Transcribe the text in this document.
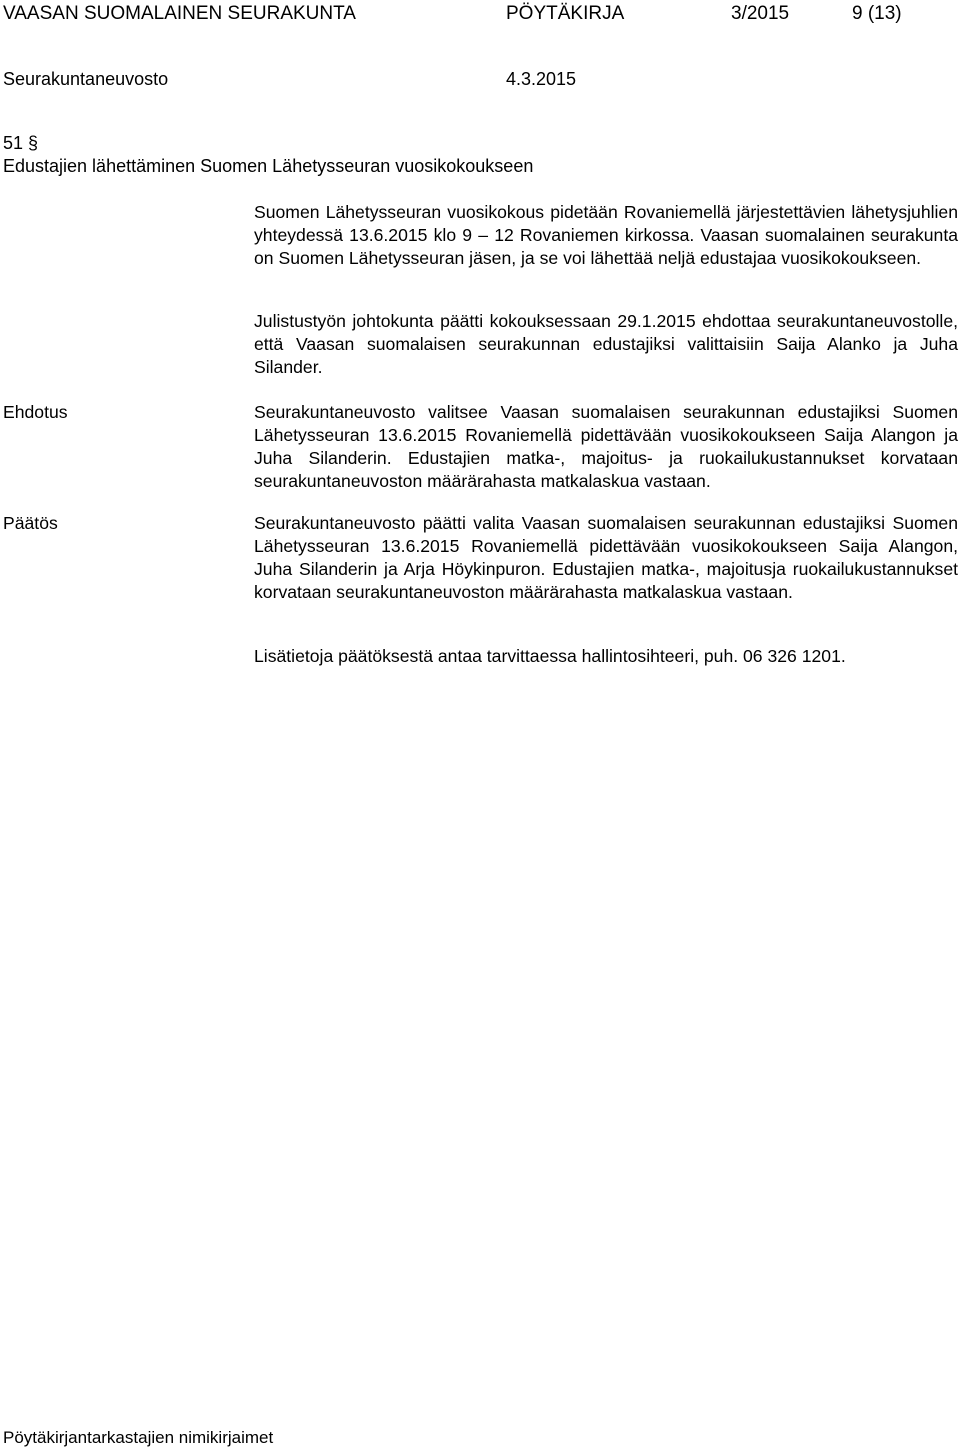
VAASAN SUOMALAINEN SEURAKUNTA	PÖYTÄKIRJA	3/2015	9 (13)
Seurakuntaneuvosto	4.3.2015
51 §
Edustajien lähettäminen Suomen Lähetysseuran vuosikokoukseen
Suomen Lähetysseuran vuosikokous pidetään Rovaniemellä järjestettävien lähetysjuhlien yhteydessä 13.6.2015 klo 9 – 12 Rovaniemen kirkossa. Vaasan suomalainen seurakunta on Suomen Lähetysseuran jäsen, ja se voi lähettää neljä edustajaa vuosikokoukseen.
Julistustyön johtokunta päätti kokouksessaan 29.1.2015 ehdottaa seurakuntaneuvostolle, että Vaasan suomalaisen seurakunnan edustajiksi valittaisiin Saija Alanko ja Juha Silander.
Ehdotus	Seurakuntaneuvosto valitsee Vaasan suomalaisen seurakunnan edustajiksi Suomen Lähetysseuran 13.6.2015 Rovaniemellä pidettävään vuosikokoukseen Saija Alangon ja Juha Silanderin. Edustajien matka-, majoitus- ja ruokailukustannukset korvataan seurakuntaneuvoston määrärahasta matkalaskua vastaan.
Päätös	Seurakuntaneuvosto päätti valita Vaasan suomalaisen seurakunnan edustajiksi Suomen Lähetysseuran 13.6.2015 Rovaniemellä pidettävään vuosikokoukseen Saija Alangon, Juha Silanderin ja Arja Höykinpuron. Edustajien matka-, majoitusja ruokailukustannukset korvataan seurakuntaneuvoston määrärahasta matkalaskua vastaan.
Lisätietoja päätöksestä antaa tarvittaessa hallintosihteeri, puh. 06 326 1201.
Pöytäkirjantarkastajien nimikirjaimet
